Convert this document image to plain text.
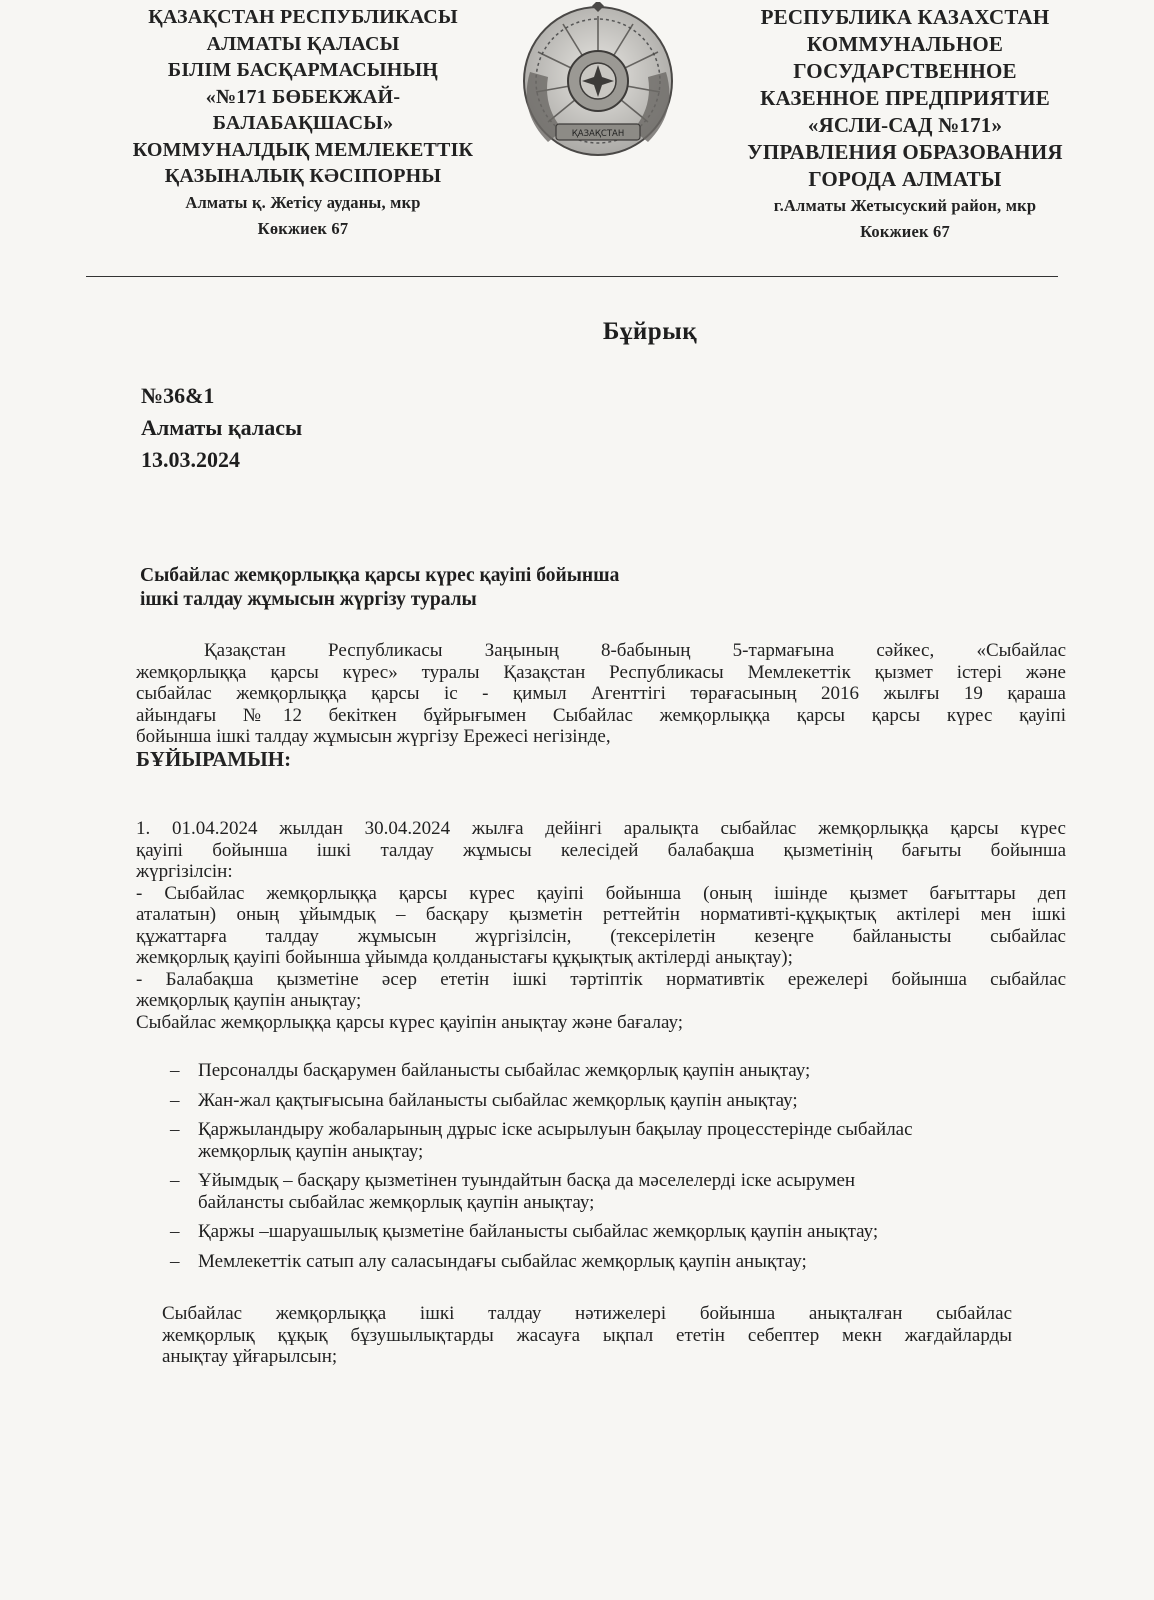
ҚАЗАҚСТАН РЕСПУБЛИКАСЫ
АЛМАТЫ ҚАЛАСЫ
БІЛІМ БАСҚАРМАСЫНЫҢ
«№171 БӨБЕКЖАЙ-
БАЛАБАҚШАСЫ»
КОММУНАЛДЫҚ МЕМЛЕКЕТТІК
ҚАЗЫНАЛЫҚ КӘСІПОРНЫ
Алматы қ. Жетісу ауданы, мкр
Көкжиек 67
ҚАЗАҚСТАН
РЕСПУБЛИКА КАЗАХСТАН
КОММУНАЛЬНОЕ
ГОСУДАРСТВЕННОЕ
КАЗЕННОЕ ПРЕДПРИЯТИЕ
«ЯСЛИ-САД №171»
УПРАВЛЕНИЯ ОБРАЗОВАНИЯ
ГОРОДА АЛМАТЫ
г.Алматы Жетысуский район, мкр
Кокжиек 67
Бұйрық
№36&1
Алматы қаласы
13.03.2024
Сыбайлас жемқорлыққа қарсы күрес қауіпі бойынша
ішкі талдау жұмысын жүргізу туралы
Қазақстан Республикасы Заңының 8-бабының 5-тармағына сәйкес, «Сыбайлас
жемқорлыққа қарсы күрес» туралы Қазақстан Республикасы Мемлекеттік қызмет істері және
сыбайлас жемқорлыққа қарсы іс - қимыл Агенттігі төрағасының 2016 жылғы 19 қараша
айындағы №12 бекіткен бұйрығымен Сыбайлас жемқорлыққа қарсы қарсы күрес қауіпі
бойынша ішкі талдау жұмысын жүргізу Ережесі негізінде,
БҰЙЫРАМЫН:
1. 01.04.2024 жылдан 30.04.2024 жылға дейінгі аралықта сыбайлас жемқорлыққа қарсы күрес
қауіпі бойынша ішкі талдау жұмысы келесідей балабақша қызметінің бағыты бойынша
жүргізілсін:
- Сыбайлас жемқорлыққа қарсы күрес қауіпі бойынша (оның ішінде қызмет бағыттары деп
аталатын) оның ұйымдық – басқару қызметін реттейтін нормативті-құқықтық актілері мен ішкі
құжаттарға талдау жұмысын жүргізілсін, (тексерілетін кезеңге байланысты сыбайлас
жемқорлық қауіпі бойынша ұйымда қолданыстағы құқықтық актілерді анықтау);
- Балабақша қызметіне әсер ететін ішкі тәртіптік нормативтік ережелері бойынша сыбайлас
жемқорлық қаупін анықтау;
Сыбайлас жемқорлыққа қарсы күрес қауіпін анықтау және бағалау;
– Персоналды басқарумен байланысты сыбайлас жемқорлық қаупін анықтау;
– Жан-жал қақтығысына байланысты сыбайлас жемқорлық қаупін анықтау;
– Қаржыландыру жобаларының дұрыс іске асырылуын бақылау процесстерінде сыбайлас
жемқорлық қаупін анықтау;
– Ұйымдық – басқару қызметінен туындайтын басқа да мәселелерді іске асырумен
байланcты сыбайлас жемқорлық қаупін анықтау;
– Қаржы –шаруашылық қызметіне байланысты сыбайлас жемқорлық қаупін анықтау;
– Мемлекеттік сатып алу саласындағы сыбайлас жемқорлық қаупін анықтау;
Сыбайлас жемқорлыққа ішкі талдау нәтижелері бойынша анықталған сыбайлас
жемқорлық құқық бұзушылықтарды жасауға ықпал ететін себептер мекн жағдайларды
анықтау ұйғарылсын;
